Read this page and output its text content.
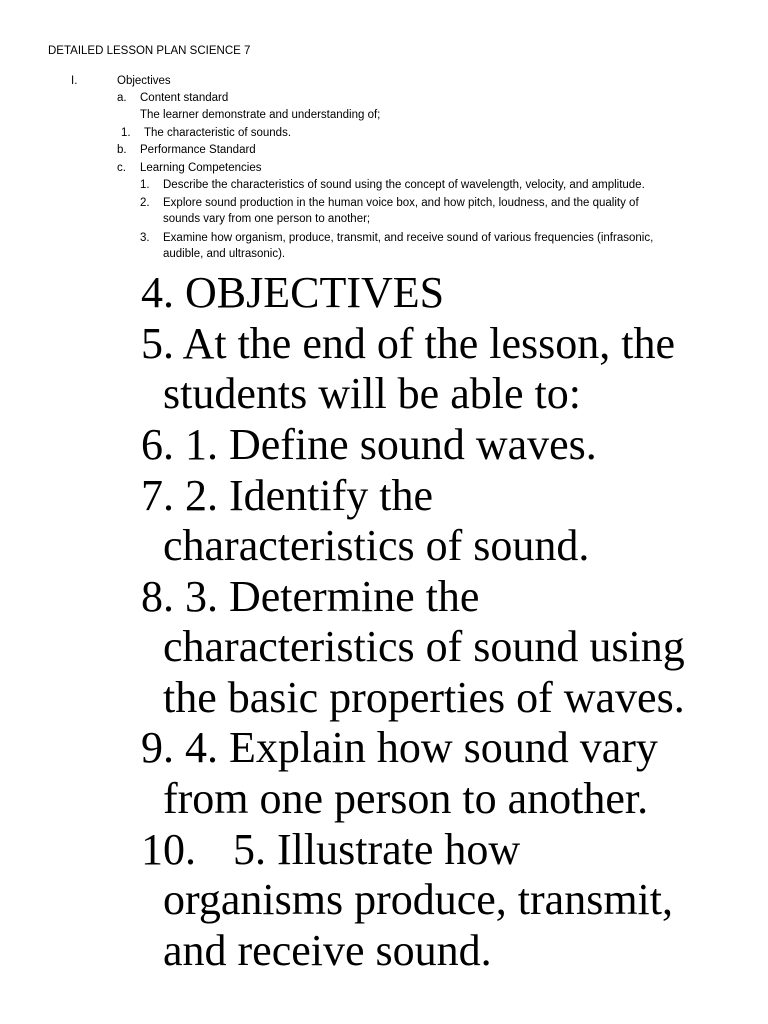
DETAILED LESSON PLAN SCIENCE 7
I.	Objectives
a. Content standard
The learner demonstrate and understanding of;
1. The characteristic of sounds.
b. Performance Standard
c. Learning Competencies
1. Describe the characteristics of sound using the concept of wavelength, velocity, and amplitude.
2. Explore sound production in the human voice box, and how pitch, loudness, and the quality of
sounds vary from one person to another;
3. Examine how organism, produce, transmit, and receive sound of various frequencies (infrasonic,
audible, and ultrasonic).
4. OBJECTIVES
5. At the end of the lesson, the
students will be able to:
6. 1. Define sound waves.
7. 2. Identify the
characteristics of sound.
8. 3. Determine the
characteristics of sound using
the basic properties of waves.
9. 4. Explain how sound vary
from one person to another.
10. 5. Illustrate how
organisms produce, transmit,
and receive sound.
